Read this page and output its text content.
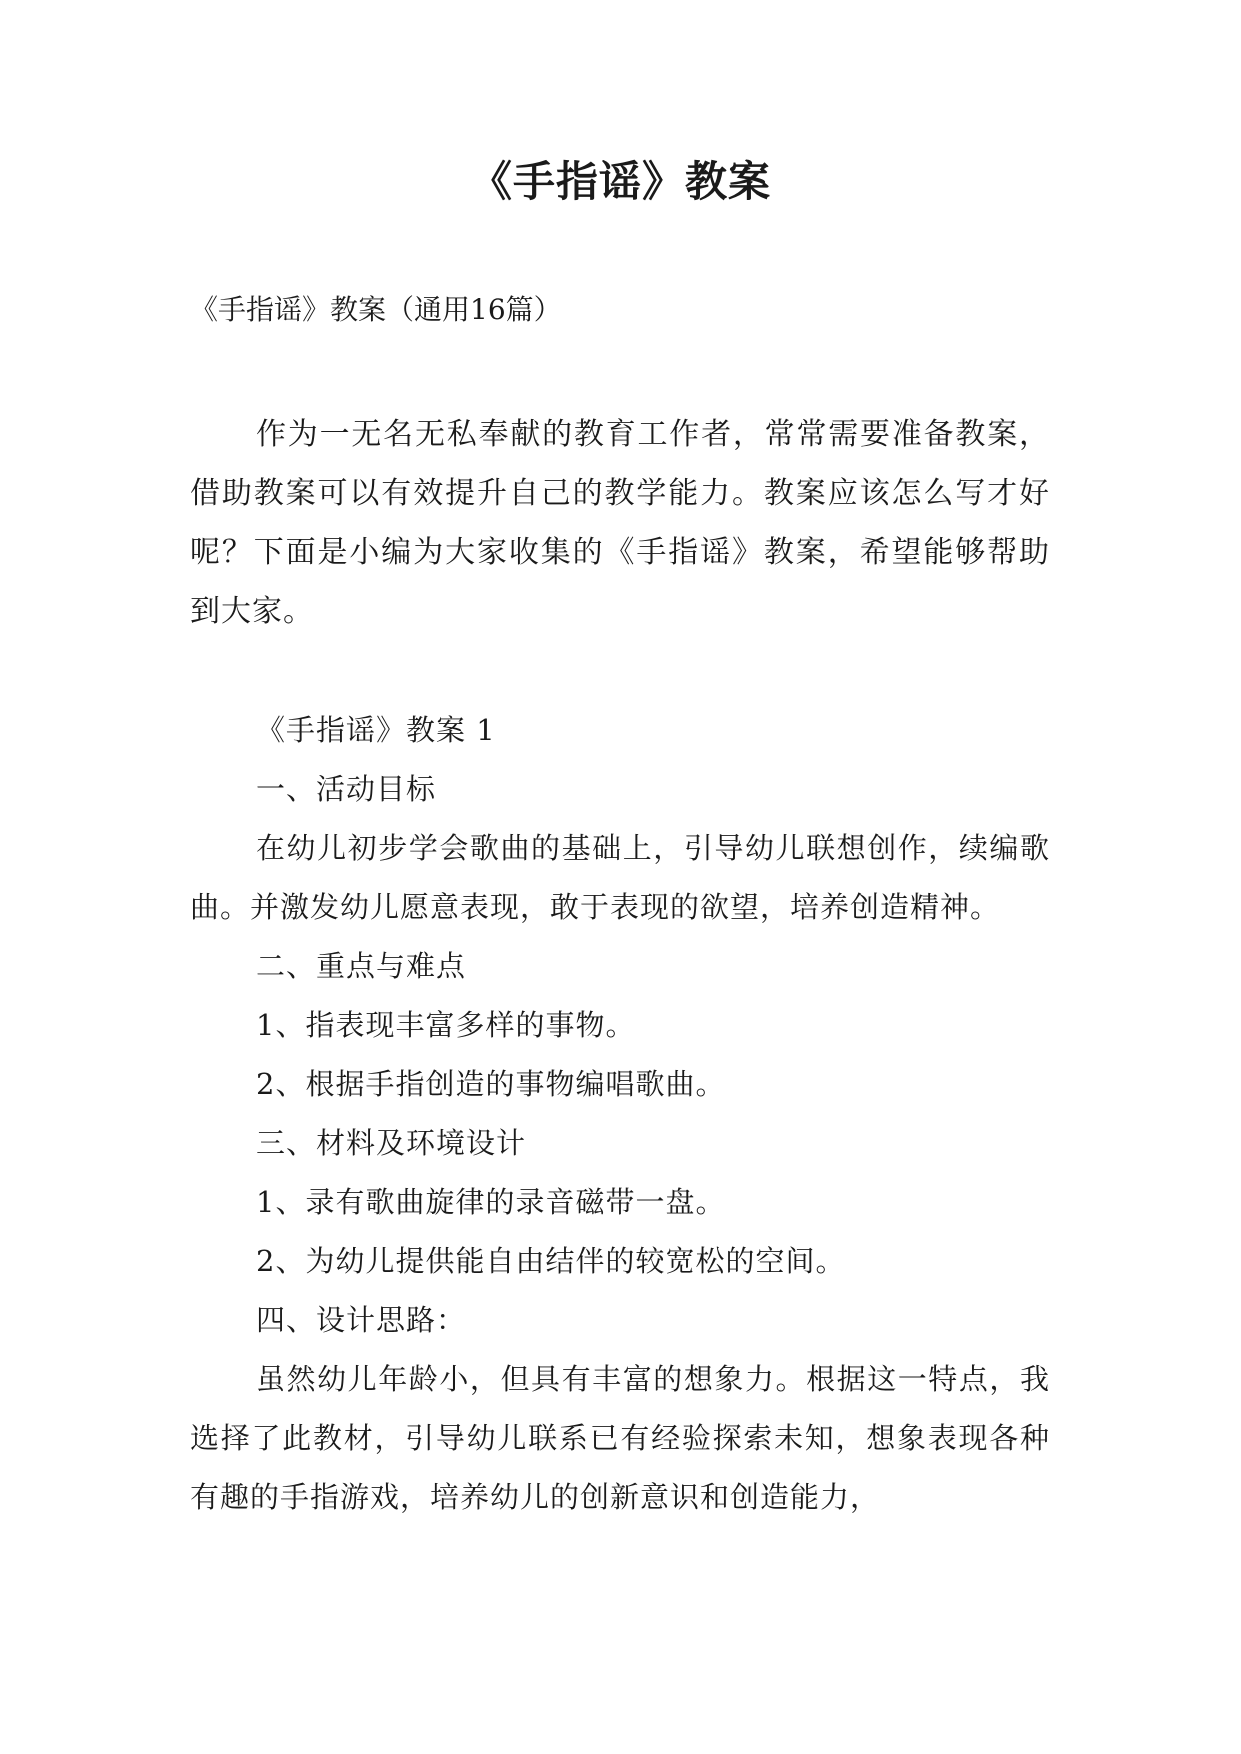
《手指谣》教案
《手指谣》教案（通用16篇）
作为一无名无私奉献的教育工作者，常常需要准备教案，借助教案可以有效提升自己的教学能力。教案应该怎么写才好呢？下面是小编为大家收集的《手指谣》教案，希望能够帮助到大家。
《手指谣》教案 1
一、活动目标
在幼儿初步学会歌曲的基础上，引导幼儿联想创作，续编歌曲。并激发幼儿愿意表现，敢于表现的欲望，培养创造精神。
二、重点与难点
1、指表现丰富多样的事物。
2、根据手指创造的事物编唱歌曲。
三、材料及环境设计
1、录有歌曲旋律的录音磁带一盘。
2、为幼儿提供能自由结伴的较宽松的空间。
四、设计思路：
虽然幼儿年龄小，但具有丰富的想象力。根据这一特点，我选择了此教材，引导幼儿联系已有经验探索未知，想象表现各种有趣的手指游戏，培养幼儿的创新意识和创造能力，
